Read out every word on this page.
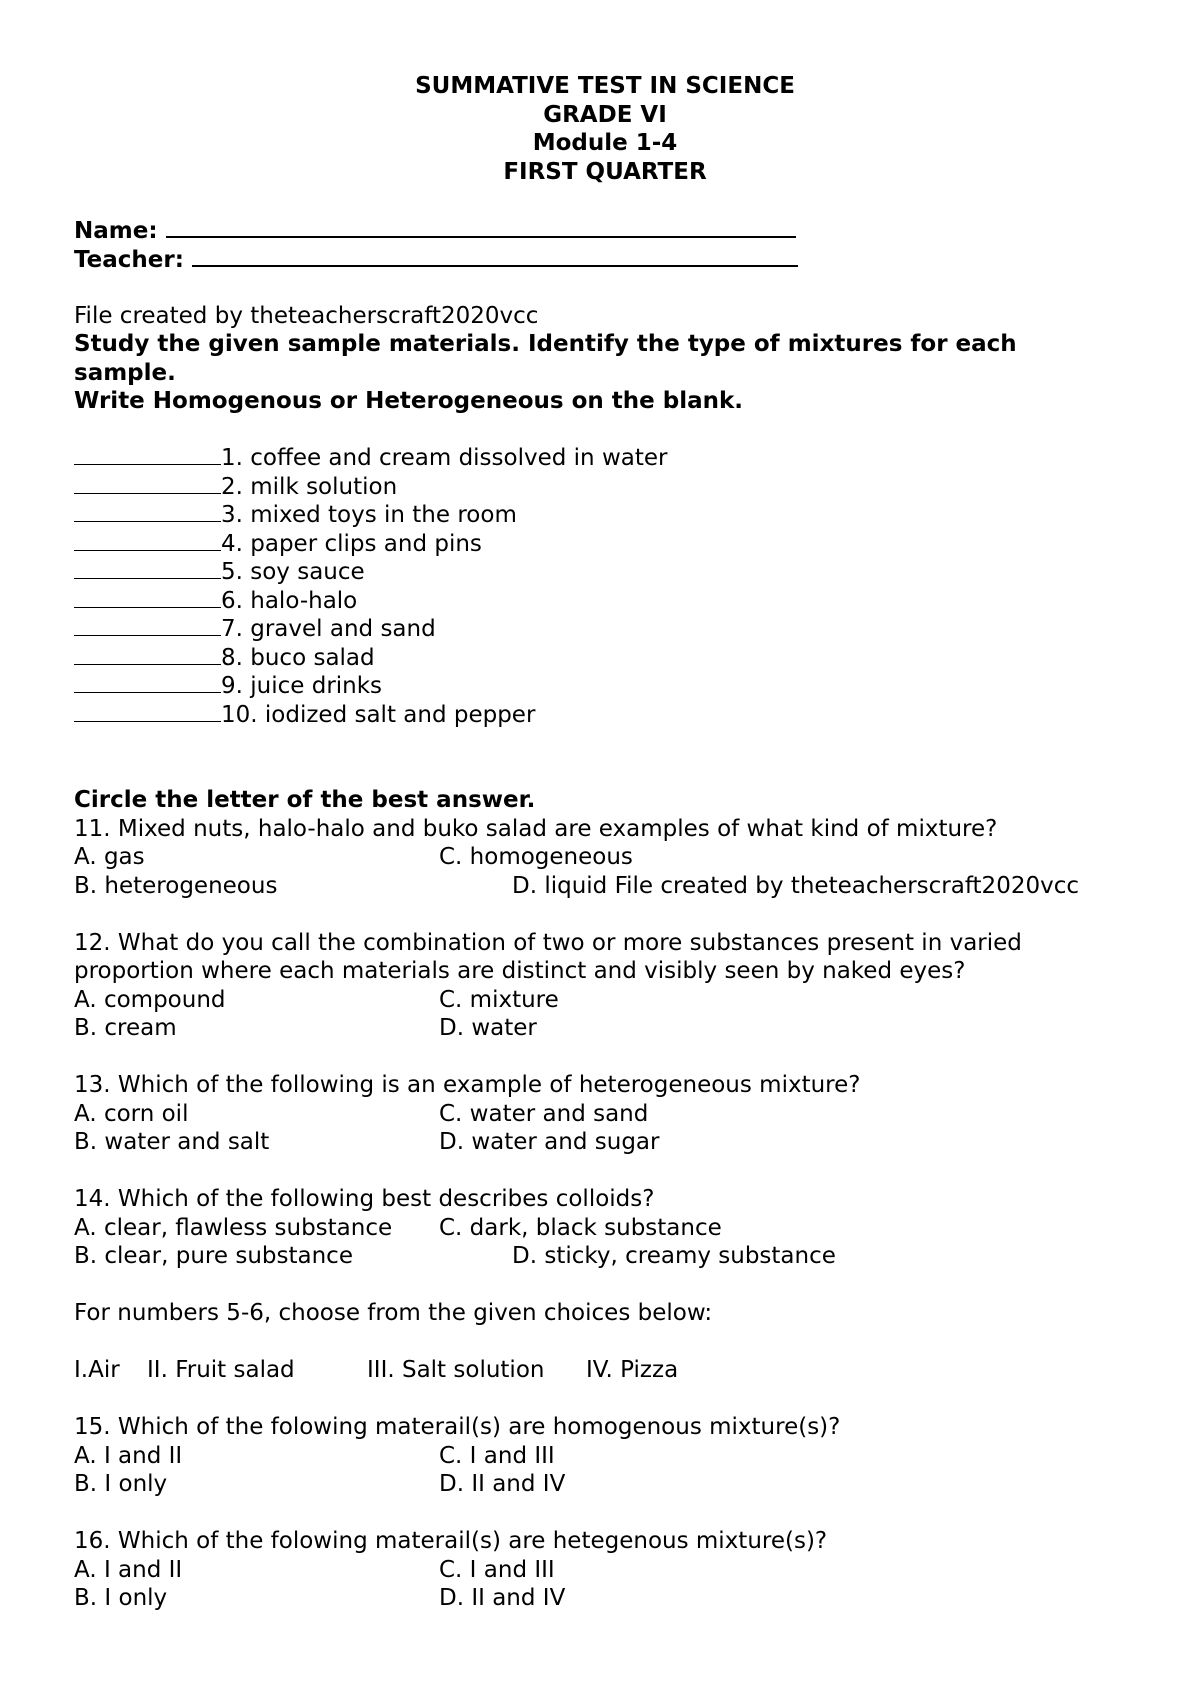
SUMMATIVE TEST IN SCIENCE
GRADE VI
Module 1-4
FIRST QUARTER
Name:
Teacher:
File created by theteacherscraft2020vcc
Study the given sample materials. Identify the type of mixtures for each
sample.
Write Homogenous or Heterogeneous on the blank.
1. coffee and cream dissolved in water
2. milk solution
3. mixed toys in the room
4. paper clips and pins
5. soy sauce
6. halo-halo
7. gravel and sand
8. buco salad
9. juice drinks
10. iodized salt and pepper
Circle the letter of the best answer.
11. Mixed nuts, halo-halo and buko salad are examples of what kind of mixture?
A. gas	C. homogeneous
B. heterogeneous	D. liquid File created by theteacherscraft2020vcc
12. What do you call the combination of two or more substances present in varied
proportion where each materials are distinct and visibly seen by naked eyes?
A. compound	C. mixture
B. cream	D. water
13. Which of the following is an example of heterogeneous mixture?
A. corn oil	C. water and sand
B. water and salt	D. water and sugar
14. Which of the following best describes colloids?
A. clear, flawless substance C. dark, black substance
B. clear, pure substance	D. sticky, creamy substance
For numbers 5-6, choose from the given choices below:
I.Air II. Fruit salad	III. Salt solution IV. Pizza
15. Which of the folowing materail(s) are homogenous mixture(s)?
A. I and II	C. I and III
B. I only	D. II and IV
16. Which of the folowing materail(s) are hetegenous mixture(s)?
A. I and II	C. I and III
B. I only	D. II and IV
